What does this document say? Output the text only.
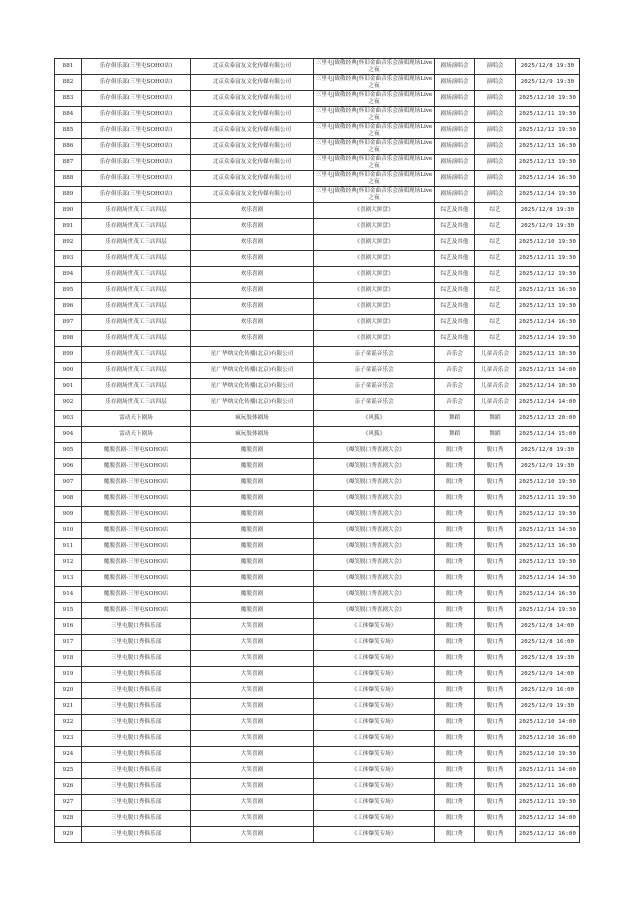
881	乐存俱乐部(三里屯SOHO店)	北京众泰富友文化传媒有限公司	三里屯|致敬经典|怀旧金曲音乐会演唱现场Live之夜	剧场演唱会	演唱会	2025/12/8 19:30
882	乐存俱乐部(三里屯SOHO店)	北京众泰富友文化传媒有限公司	三里屯|致敬经典|怀旧金曲音乐会演唱现场Live之夜	剧场演唱会	演唱会	2025/12/9 19:30
883	乐存俱乐部(三里屯SOHO店)	北京众泰富友文化传媒有限公司	三里屯|致敬经典|怀旧金曲音乐会演唱现场Live之夜	剧场演唱会	演唱会	2025/12/10 19:30
884	乐存俱乐部(三里屯SOHO店)	北京众泰富友文化传媒有限公司	三里屯|致敬经典|怀旧金曲音乐会演唱现场Live之夜	剧场演唱会	演唱会	2025/12/11 19:30
885	乐存俱乐部(三里屯SOHO店)	北京众泰富友文化传媒有限公司	三里屯|致敬经典|怀旧金曲音乐会演唱现场Live之夜	剧场演唱会	演唱会	2025/12/12 19:30
886	乐存俱乐部(三里屯SOHO店)	北京众泰富友文化传媒有限公司	三里屯|致敬经典|怀旧金曲音乐会演唱现场Live之夜	剧场演唱会	演唱会	2025/12/13 16:30
887	乐存俱乐部(三里屯SOHO店)	北京众泰富友文化传媒有限公司	三里屯|致敬经典|怀旧金曲音乐会演唱现场Live之夜	剧场演唱会	演唱会	2025/12/13 19:30
888	乐存俱乐部(三里屯SOHO店)	北京众泰富友文化传媒有限公司	三里屯|致敬经典|怀旧金曲音乐会演唱现场Live之夜	剧场演唱会	演唱会	2025/12/14 16:30
889	乐存俱乐部(三里屯SOHO店)	北京众泰富友文化传媒有限公司	三里屯|致敬经典|怀旧金曲音乐会演唱现场Live之夜	剧场演唱会	演唱会	2025/12/14 19:30
890	乐存剧场世茂工三店四层	欢乐喜剧	《喜剧大拼盘》	综艺及其他	综艺	2025/12/8 19:30
891	乐存剧场世茂工三店四层	欢乐喜剧	《喜剧大拼盘》	综艺及其他	综艺	2025/12/9 19:30
892	乐存剧场世茂工三店四层	欢乐喜剧	《喜剧大拼盘》	综艺及其他	综艺	2025/12/10 19:30
893	乐存剧场世茂工三店四层	欢乐喜剧	《喜剧大拼盘》	综艺及其他	综艺	2025/12/11 19:30
894	乐存剧场世茂工三店四层	欢乐喜剧	《喜剧大拼盘》	综艺及其他	综艺	2025/12/12 19:30
895	乐存剧场世茂工三店四层	欢乐喜剧	《喜剧大拼盘》	综艺及其他	综艺	2025/12/13 16:30
896	乐存剧场世茂工三店四层	欢乐喜剧	《喜剧大拼盘》	综艺及其他	综艺	2025/12/13 19:30
897	乐存剧场世茂工三店四层	欢乐喜剧	《喜剧大拼盘》	综艺及其他	综艺	2025/12/14 16:30
898	乐存剧场世茂工三店四层	欢乐喜剧	《喜剧大拼盘》	综艺及其他	综艺	2025/12/14 19:30
899	乐存剧场世茂工三店四层	星广华纳文化传播(北京)有限公司	亲子童谣音乐会	音乐会	儿童音乐会	2025/12/13 10:30
900	乐存剧场世茂工三店四层	星广华纳文化传播(北京)有限公司	亲子童谣音乐会	音乐会	儿童音乐会	2025/12/13 14:00
901	乐存剧场世茂工三店四层	星广华纳文化传播(北京)有限公司	亲子童谣音乐会	音乐会	儿童音乐会	2025/12/14 10:30
902	乐存剧场世茂工三店四层	星广华纳文化传播(北京)有限公司	亲子童谣音乐会	音乐会	儿童音乐会	2025/12/14 14:00
903	雷动天下剧场	疯玩肢体剧场	《风狐》	舞蹈	舞蹈	2025/12/13 20:00
904	雷动天下剧场	疯玩肢体剧场	《风狐》	舞蹈	舞蹈	2025/12/14 15:00
905	魔脱喜剧-三里屯SOHO店	魔脱喜剧	《爆笑脱口秀喜剧大会》	脱口秀	脱口秀	2025/12/8 19:30
906	魔脱喜剧-三里屯SOHO店	魔脱喜剧	《爆笑脱口秀喜剧大会》	脱口秀	脱口秀	2025/12/9 19:30
907	魔脱喜剧-三里屯SOHO店	魔脱喜剧	《爆笑脱口秀喜剧大会》	脱口秀	脱口秀	2025/12/10 19:30
908	魔脱喜剧-三里屯SOHO店	魔脱喜剧	《爆笑脱口秀喜剧大会》	脱口秀	脱口秀	2025/12/11 19:30
909	魔脱喜剧-三里屯SOHO店	魔脱喜剧	《爆笑脱口秀喜剧大会》	脱口秀	脱口秀	2025/12/12 19:30
910	魔脱喜剧-三里屯SOHO店	魔脱喜剧	《爆笑脱口秀喜剧大会》	脱口秀	脱口秀	2025/12/13 14:30
911	魔脱喜剧-三里屯SOHO店	魔脱喜剧	《爆笑脱口秀喜剧大会》	脱口秀	脱口秀	2025/12/13 16:30
912	魔脱喜剧-三里屯SOHO店	魔脱喜剧	《爆笑脱口秀喜剧大会》	脱口秀	脱口秀	2025/12/13 19:30
913	魔脱喜剧-三里屯SOHO店	魔脱喜剧	《爆笑脱口秀喜剧大会》	脱口秀	脱口秀	2025/12/14 14:30
914	魔脱喜剧-三里屯SOHO店	魔脱喜剧	《爆笑脱口秀喜剧大会》	脱口秀	脱口秀	2025/12/14 16:30
915	魔脱喜剧-三里屯SOHO店	魔脱喜剧	《爆笑脱口秀喜剧大会》	脱口秀	脱口秀	2025/12/14 19:30
916	三里屯脱口秀俱乐部	大笑喜剧	《工体爆笑专场》	脱口秀	脱口秀	2025/12/8 14:00
917	三里屯脱口秀俱乐部	大笑喜剧	《工体爆笑专场》	脱口秀	脱口秀	2025/12/8 16:00
918	三里屯脱口秀俱乐部	大笑喜剧	《工体爆笑专场》	脱口秀	脱口秀	2025/12/8 19:30
919	三里屯脱口秀俱乐部	大笑喜剧	《工体爆笑专场》	脱口秀	脱口秀	2025/12/9 14:00
920	三里屯脱口秀俱乐部	大笑喜剧	《工体爆笑专场》	脱口秀	脱口秀	2025/12/9 16:00
921	三里屯脱口秀俱乐部	大笑喜剧	《工体爆笑专场》	脱口秀	脱口秀	2025/12/9 19:30
922	三里屯脱口秀俱乐部	大笑喜剧	《工体爆笑专场》	脱口秀	脱口秀	2025/12/10 14:00
923	三里屯脱口秀俱乐部	大笑喜剧	《工体爆笑专场》	脱口秀	脱口秀	2025/12/10 16:00
924	三里屯脱口秀俱乐部	大笑喜剧	《工体爆笑专场》	脱口秀	脱口秀	2025/12/10 19:30
925	三里屯脱口秀俱乐部	大笑喜剧	《工体爆笑专场》	脱口秀	脱口秀	2025/12/11 14:00
926	三里屯脱口秀俱乐部	大笑喜剧	《工体爆笑专场》	脱口秀	脱口秀	2025/12/11 16:00
927	三里屯脱口秀俱乐部	大笑喜剧	《工体爆笑专场》	脱口秀	脱口秀	2025/12/11 19:30
928	三里屯脱口秀俱乐部	大笑喜剧	《工体爆笑专场》	脱口秀	脱口秀	2025/12/12 14:00
929	三里屯脱口秀俱乐部	大笑喜剧	《工体爆笑专场》	脱口秀	脱口秀	2025/12/12 16:00
